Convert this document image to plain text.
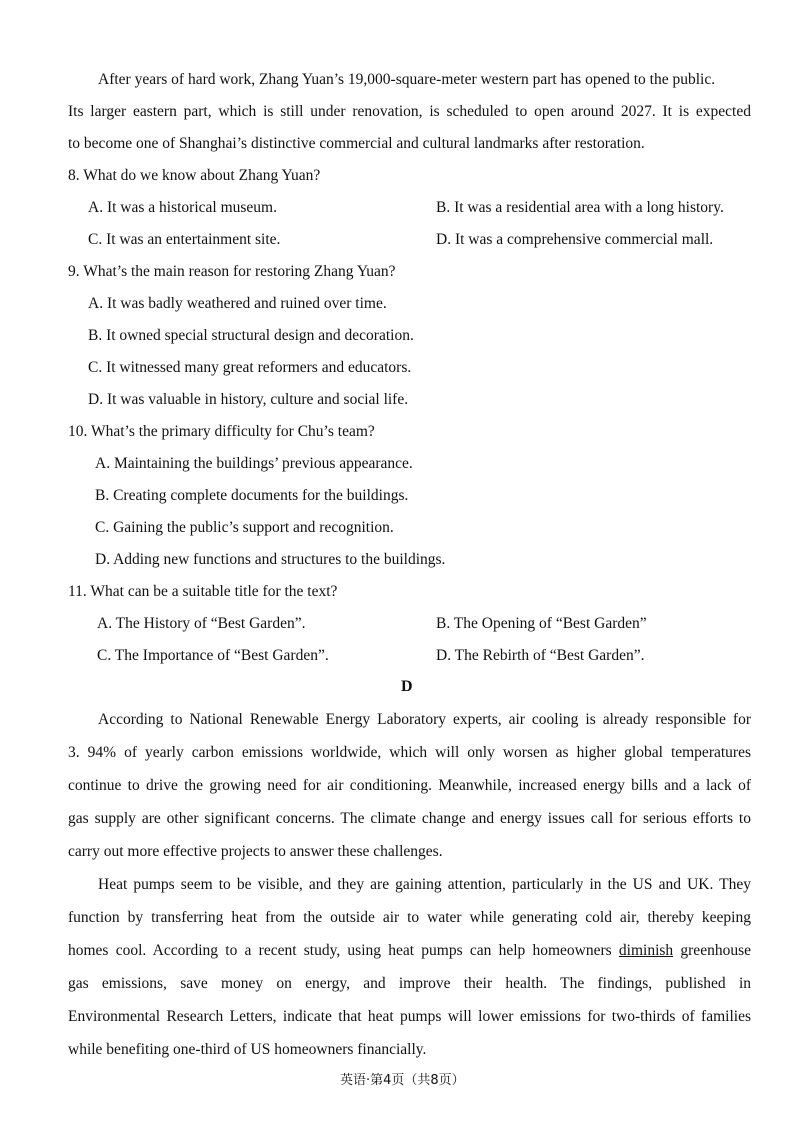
After years of hard work, Zhang Yuan’s 19,000-square-meter western part has opened to the public.
Its larger eastern part, which is still under renovation, is scheduled to open around 2027. It is expected
to become one of Shanghai’s distinctive commercial and cultural landmarks after restoration.
8. What do we know about Zhang Yuan?
A. It was a historical museum.	B. It was a residential area with a long history.
C. It was an entertainment site.	D. It was a comprehensive commercial mall.
9. What’s the main reason for restoring Zhang Yuan?
A. It was badly weathered and ruined over time.
B. It owned special structural design and decoration.
C. It witnessed many great reformers and educators.
D. It was valuable in history, culture and social life.
10. What’s the primary difficulty for Chu’s team?
A. Maintaining the buildings’ previous appearance.
B. Creating complete documents for the buildings.
C. Gaining the public’s support and recognition.
D. Adding new functions and structures to the buildings.
11. What can be a suitable title for the text?
A. The History of “Best Garden”.	B. The Opening of “Best Garden”
C. The Importance of “Best Garden”.	D. The Rebirth of “Best Garden”.
D
According to National Renewable Energy Laboratory experts, air cooling is already responsible for
3. 94% of yearly carbon emissions worldwide, which will only worsen as higher global temperatures
continue to drive the growing need for air conditioning. Meanwhile, increased energy bills and a lack of
gas supply are other significant concerns. The climate change and energy issues call for serious efforts to
carry out more effective projects to answer these challenges.
Heat pumps seem to be visible, and they are gaining attention, particularly in the US and UK. They
function by transferring heat from the outside air to water while generating cold air, thereby keeping
homes cool. According to a recent study, using heat pumps can help homeowners diminish greenhouse
gas emissions, save money on energy, and improve their health. The findings, published in
Environmental Research Letters, indicate that heat pumps will lower emissions for two-thirds of families
while benefiting one-third of US homeowners financially.
英语·第4页（共8页）
